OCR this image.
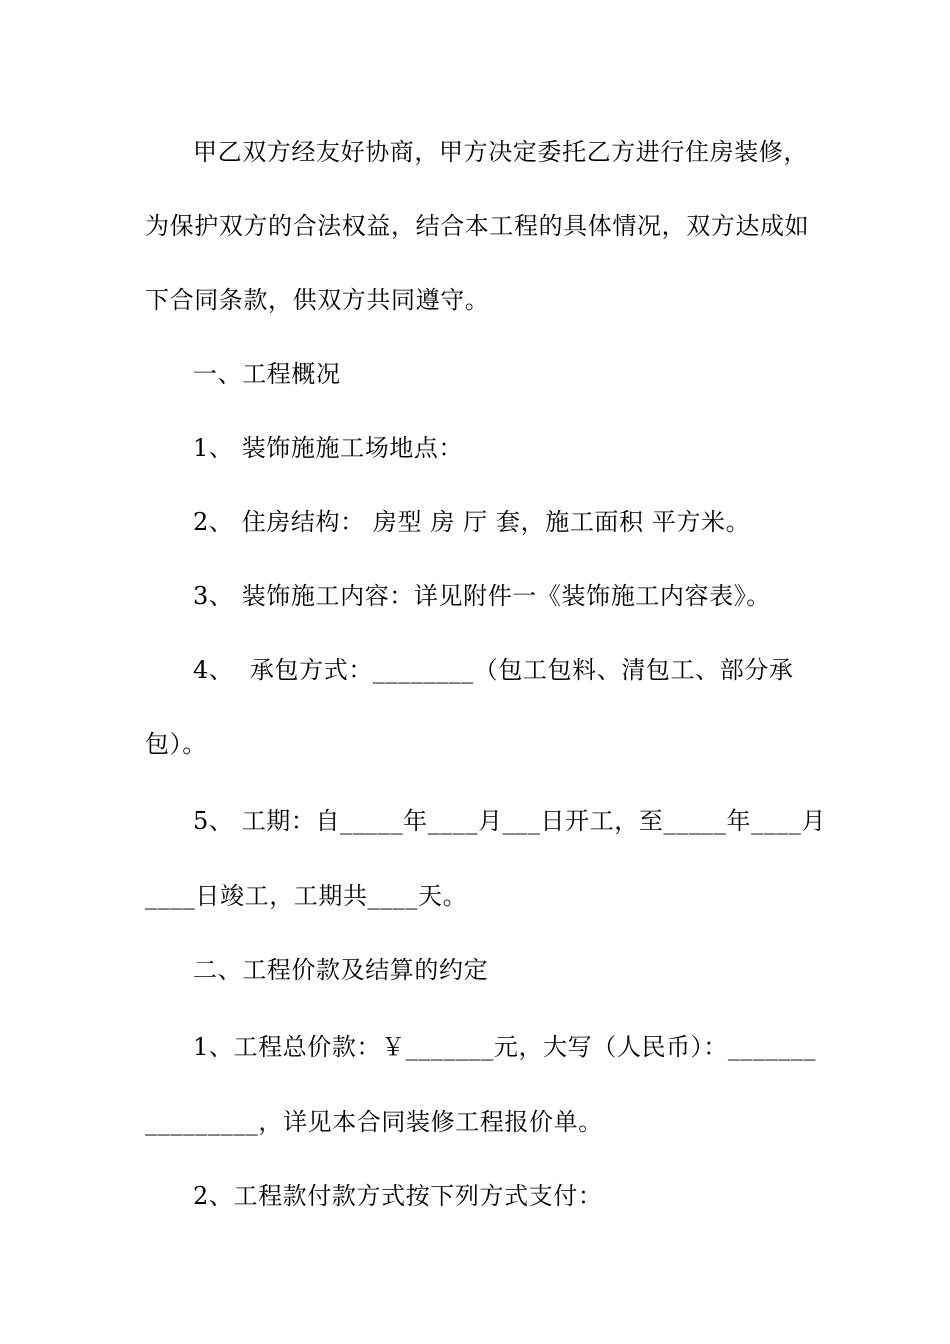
甲乙双方经友好协商，甲方决定委托乙方进行住房装修，
为保护双方的合法权益，结合本工程的具体情况，双方达成如
下合同条款，供双方共同遵守。
一、工程概况
1、 装饰施施工场地点：
2、 住房结构： 房型 房 厅 套，施工面积 平方米。
3、 装饰施工内容：详见附件一《装饰施工内容表》。
4、  承包方式：________（包工包料、清包工、部分承
包）。
5、 工期：自_____年____月___日开工，至_____年____月
____日竣工，工期共____天。
二、工程价款及结算的约定
1、工程总价款：￥_______元，大写（人民币）：_______
_________，详见本合同装修工程报价单。
2、工程款付款方式按下列方式支付：
